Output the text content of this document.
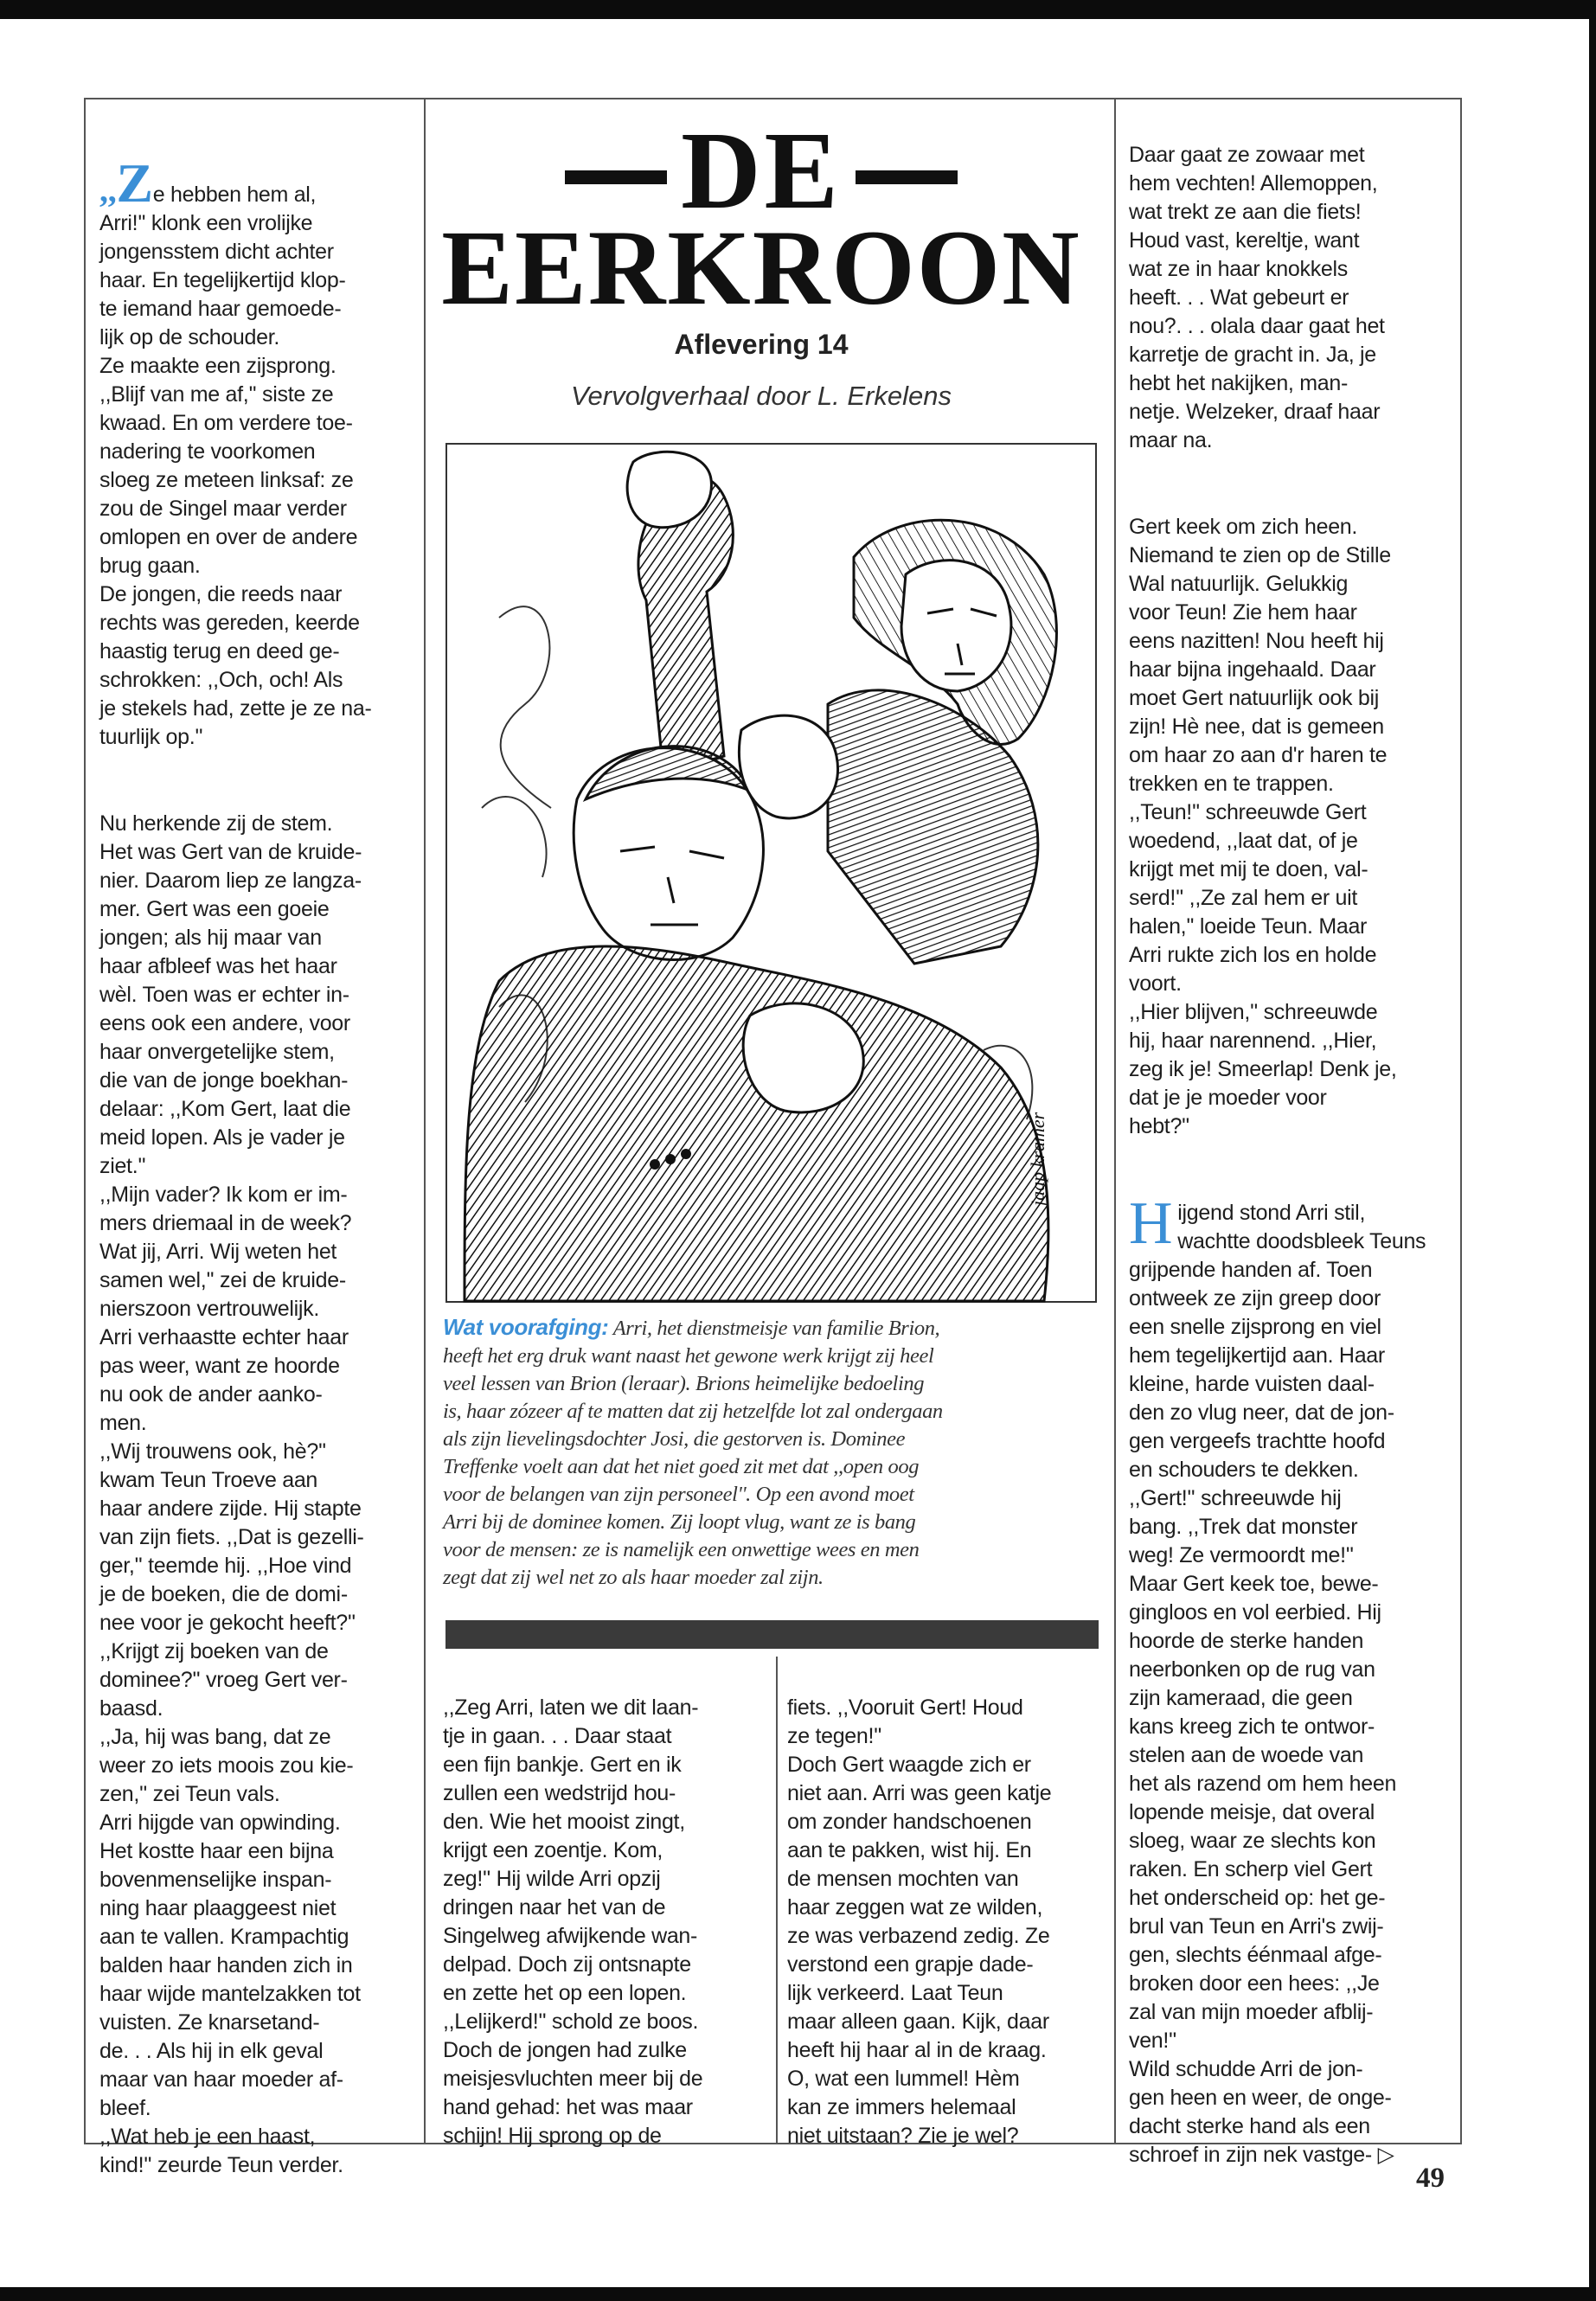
,,Ze hebben hem al,
Arri!'' klonk een vrolijke
jongensstem dicht achter
haar. En tegelijkertijd klop-
te iemand haar gemoede-
lijk op de schouder.
Ze maakte een zijsprong.
,,Blijf van me af,'' siste ze
kwaad. En om verdere toe-
nadering te voorkomen
sloeg ze meteen linksaf: ze
zou de Singel maar verder
omlopen en over de andere
brug gaan.
De jongen, die reeds naar
rechts was gereden, keerde
haastig terug en deed ge-
schrokken: ,,Och, och! Als
je stekels had, zette je ze na-
tuurlijk op.''

Nu herkende zij de stem.
Het was Gert van de kruide-
nier. Daarom liep ze langza-
mer. Gert was een goeie
jongen; als hij maar van
haar afbleef was het haar
wèl. Toen was er echter in-
eens ook een andere, voor
haar onvergetelijke stem,
die van de jonge boekhan-
delaar: ,,Kom Gert, laat die
meid lopen. Als je vader je
ziet.''
,,Mijn vader? Ik kom er im-
mers driemaal in de week?
Wat jij, Arri. Wij weten het
samen wel,'' zei de kruide-
nierszoon vertrouwelijk.
Arri verhaastte echter haar
pas weer, want ze hoorde
nu ook de ander aanko-
men.
,,Wij trouwens ook, hè?''
kwam Teun Troeve aan
haar andere zijde. Hij stapte
van zijn fiets. ,,Dat is gezelli-
ger,'' teemde hij. ,,Hoe vind
je de boeken, die de domi-
nee voor je gekocht heeft?''
,,Krijgt zij boeken van de
dominee?'' vroeg Gert ver-
baasd.
,,Ja, hij was bang, dat ze
weer zo iets moois zou kie-
zen,'' zei Teun vals.
Arri hijgde van opwinding.
Het kostte haar een bijna
bovenmenselijke inspan-
ning haar plaaggeest niet
aan te vallen. Krampachtig
balden haar handen zich in
haar wijde mantelzakken tot
vuisten. Ze knarsetand-
de. . . Als hij in elk geval
maar van haar moeder af-
bleef.
,,Wat heb je een haast,
kind!'' zeurde Teun verder.

DE
EERKROON
Aflevering 14
Vervolgverhaal door L. Erkelens
jaap kramer
Wat voorafging: Arri, het dienstmeisje van familie Brion,
heeft het erg druk want naast het gewone werk krijgt zij heel
veel lessen van Brion (leraar). Brions heimelijke bedoeling
is, haar zózeer af te matten dat zij hetzelfde lot zal ondergaan
als zijn lievelingsdochter Josi, die gestorven is. Dominee
Treffenke voelt aan dat het niet goed zit met dat ,,open oog
voor de belangen van zijn personeel''. Op een avond moet
Arri bij de dominee komen. Zij loopt vlug, want ze is bang
voor de mensen: ze is namelijk een onwettige wees en men
zegt dat zij wel net zo als haar moeder zal zijn.

,,Zeg Arri, laten we dit laan-
tje in gaan. . . Daar staat
een fijn bankje. Gert en ik
zullen een wedstrijd hou-
den. Wie het mooist zingt,
krijgt een zoentje. Kom,
zeg!'' Hij wilde Arri opzij
dringen naar het van de
Singelweg afwijkende wan-
delpad. Doch zij ontsnapte
en zette het op een lopen.
,,Lelijkerd!'' schold ze boos.
Doch de jongen had zulke
meisjesvluchten meer bij de
hand gehad: het was maar
schijn! Hij sprong op de

fiets. ,,Vooruit Gert! Houd
ze tegen!''
Doch Gert waagde zich er
niet aan. Arri was geen katje
om zonder handschoenen
aan te pakken, wist hij. En
de mensen mochten van
haar zeggen wat ze wilden,
ze was verbazend zedig. Ze
verstond een grapje dade-
lijk verkeerd. Laat Teun
maar alleen gaan. Kijk, daar
heeft hij haar al in de kraag.
O, wat een lummel! Hèm
kan ze immers helemaal
niet uitstaan? Zie je wel?

Daar gaat ze zowaar met
hem vechten! Allemoppen,
wat trekt ze aan die fiets!
Houd vast, kereltje, want
wat ze in haar knokkels
heeft. . . Wat gebeurt er
nou?. . . olala daar gaat het
karretje de gracht in. Ja, je
hebt het nakijken, man-
netje. Welzeker, draaf haar
maar na.

Gert keek om zich heen.
Niemand te zien op de Stille
Wal natuurlijk. Gelukkig
voor Teun! Zie hem haar
eens nazitten! Nou heeft hij
haar bijna ingehaald. Daar
moet Gert natuurlijk ook bij
zijn! Hè nee, dat is gemeen
om haar zo aan d'r haren te
trekken en te trappen.
,,Teun!'' schreeuwde Gert
woedend, ,,laat dat, of je
krijgt met mij te doen, val-
serd!'' ,,Ze zal hem er uit
halen,'' loeide Teun. Maar
Arri rukte zich los en holde
voort.
,,Hier blijven,'' schreeuwde
hij, haar narennend. ,,Hier,
zeg ik je! Smeerlap! Denk je,
dat je je moeder voor
hebt?''

Hijgend stond Arri stil,
wachtte doodsbleek Teuns
grijpende handen af. Toen
ontweek ze zijn greep door
een snelle zijsprong en viel
hem tegelijkertijd aan. Haar
kleine, harde vuisten daal-
den zo vlug neer, dat de jon-
gen vergeefs trachtte hoofd
en schouders te dekken.
,,Gert!'' schreeuwde hij
bang. ,,Trek dat monster
weg! Ze vermoordt me!''
Maar Gert keek toe, bewe-
gingloos en vol eerbied. Hij
hoorde de sterke handen
neerbonken op de rug van
zijn kameraad, die geen
kans kreeg zich te ontwor-
stelen aan de woede van
het als razend om hem heen
lopende meisje, dat overal
sloeg, waar ze slechts kon
raken. En scherp viel Gert
het onderscheid op: het ge-
brul van Teun en Arri's zwij-
gen, slechts éénmaal afge-
broken door een hees: ,,Je
zal van mijn moeder afblij-
ven!''
Wild schudde Arri de jon-
gen heen en weer, de onge-
dacht sterke hand als een
schroef in zijn nek vastge- ▷

49
